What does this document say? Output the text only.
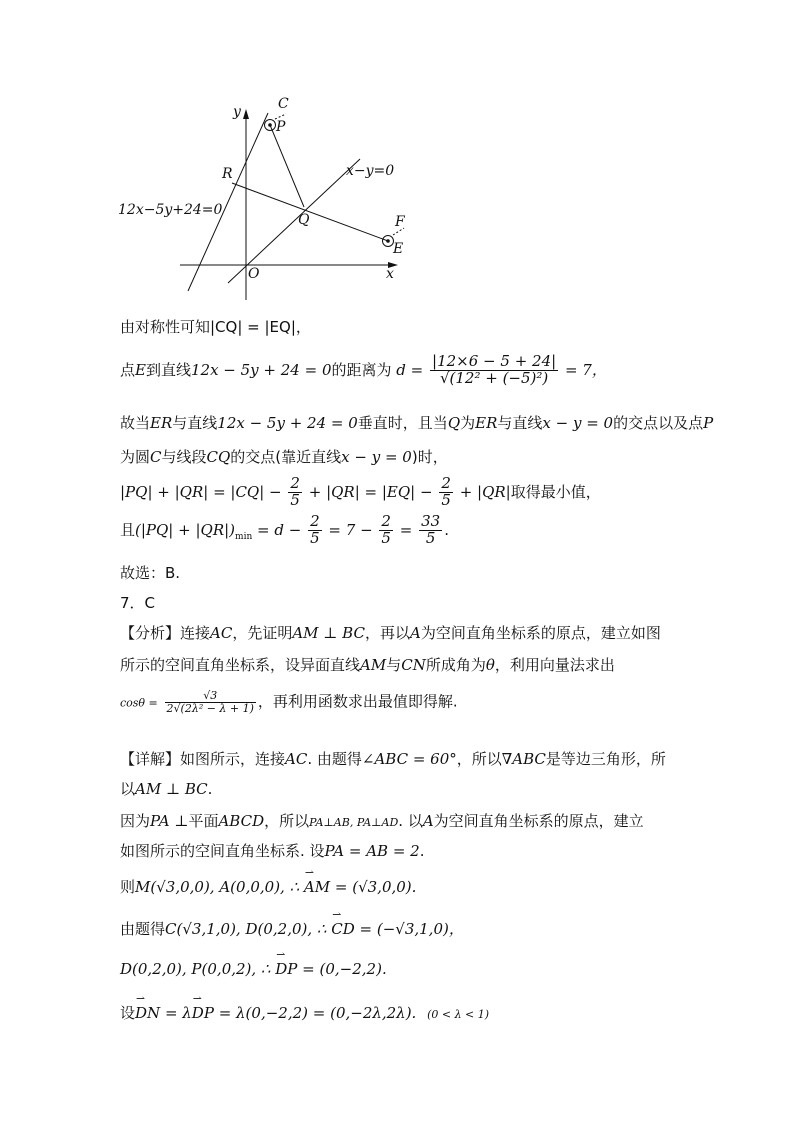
y	C
P
R	x−y=0
12x−5y+24=0
Q	F
E
O	x
由对称性可知|CQ| = |EQ|，
点E到直线12x − 5y + 24 = 0的距离为 $d = \frac{|12\times 6 - 5 + 24|}{\text{√(12² + (−5)²)}} = 7$，
故当ER与直线12x − 5y + 24 = 0垂直时，且当Q为ER与直线x − y = 0的交点以及点P
为圆C与线段CQ的交点(靠近直线x − y = 0)时，
$|PQ| + |QR| = |CQ| - \frac{2}{5} + |QR| = |EQ| - \frac{2}{5} + |QR|$取得最小值，
且$(|PQ| + |QR|)_{min} = d - \frac{2}{5} = 7 - \frac{2}{5} = \frac{33}{5}$ .
故选：B.
7．C
【分析】连接AC，先证明AM ⊥ BC，再以A为空间直角坐标系的原点，建立如图
所示的空间直角坐标系，设异面直线AM与CN所成角为θ，利用向量法求出
$\cos\theta = \frac{√3}{\text{2√(2λ² − λ + 1)}}$ ，再利用函数求出最值即得解.
【详解】如图所示，连接AC. 由题得∠ABC = 60°，所以∇ABC是等边三角形，所
以AM ⊥ BC.
因为PA ⊥平面ABCD，所以PA⊥AB, PA⊥AD. 以A为空间直角坐标系的原点，建立
如图所示的空间直角坐标系. 设PA = AB = 2.
则M(√3,0,0), A(0,0,0), ∴ ⇀ AM = (√3,0,0).
由题得C(√3,1,0), D(0,2,0), ∴ ⇀ CD = (−√3,1,0)，
D(0,2,0), P(0,0,2), ∴ ⇀ DP = (0,−2,2).
设⇀ DN = λ⇀ DP = λ(0,−2,2) = (0,−2λ,2λ). (0 < λ < 1)
